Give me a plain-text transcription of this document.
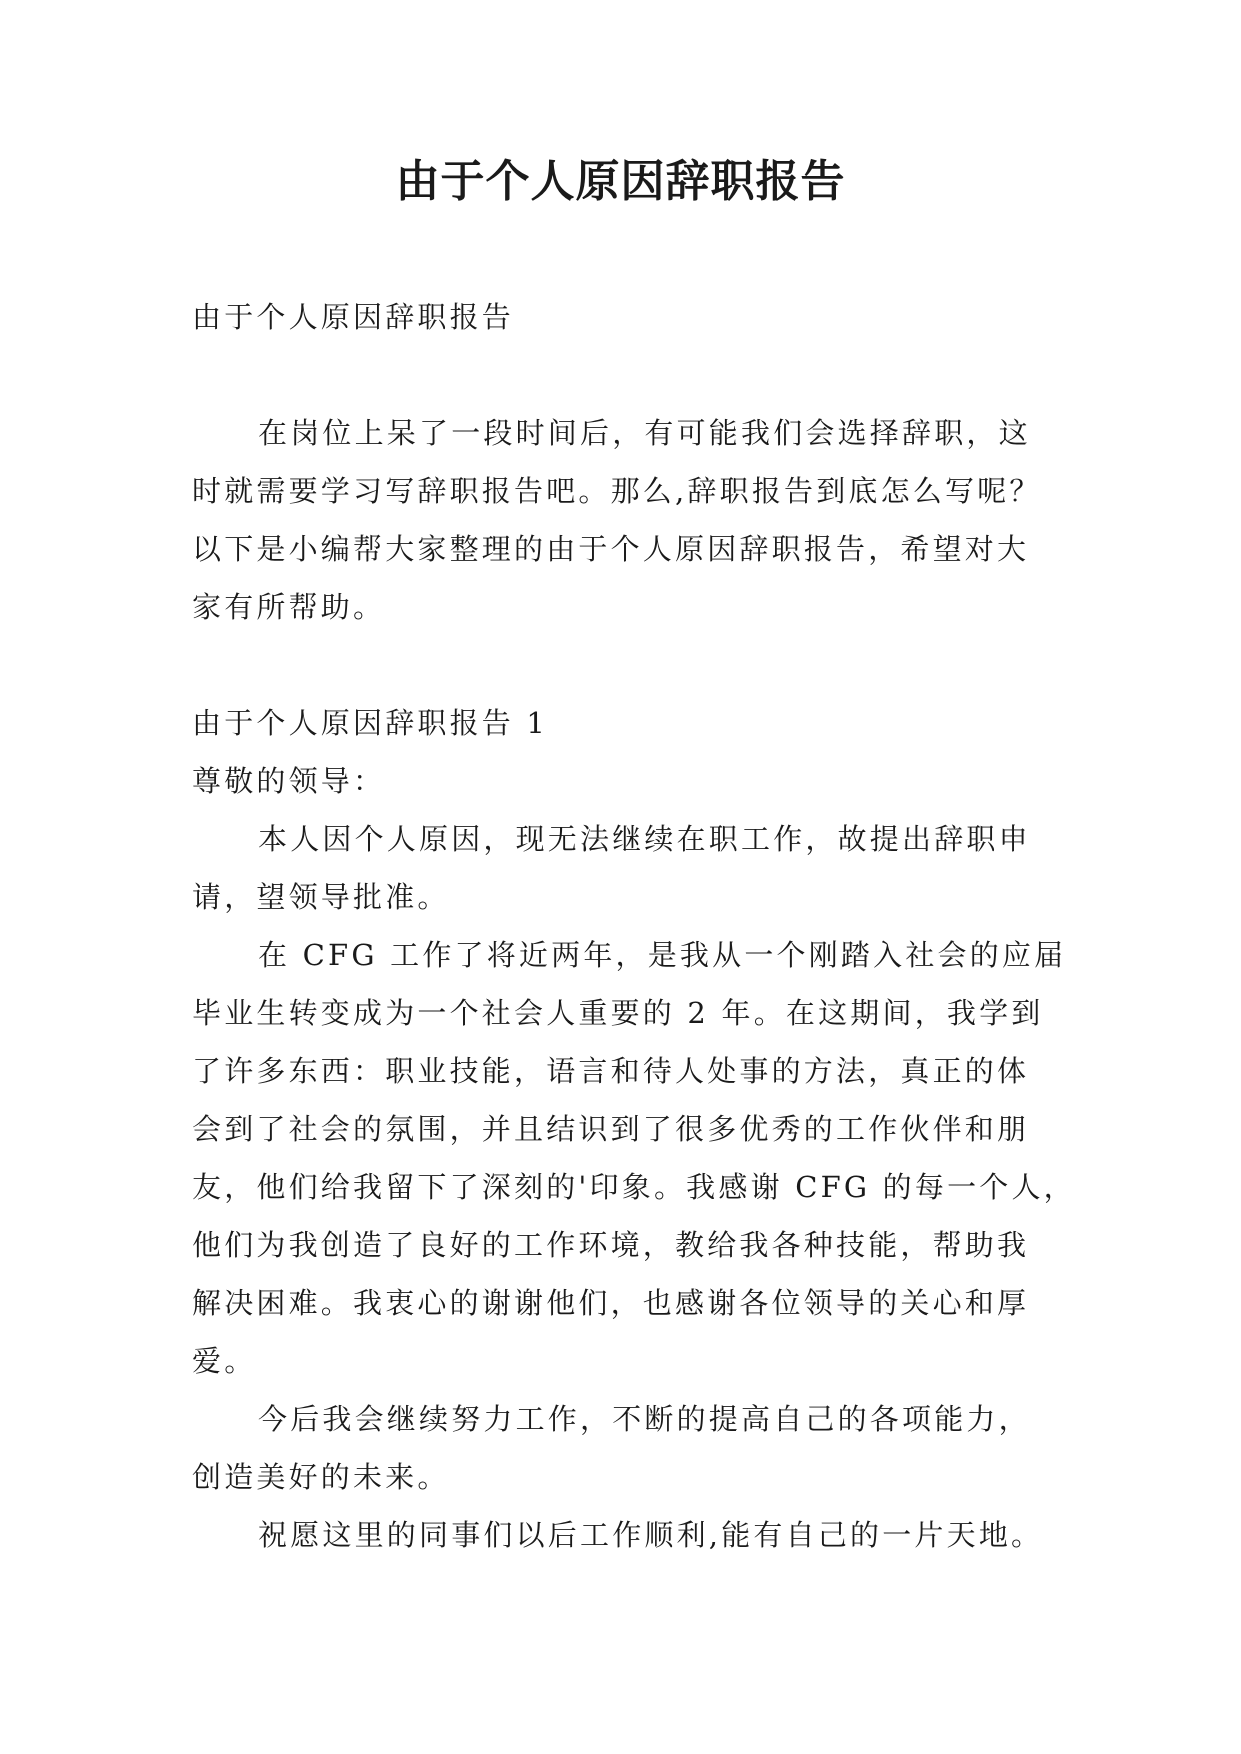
由于个人原因辞职报告
由于个人原因辞职报告
在岗位上呆了一段时间后，有可能我们会选择辞职，这
时就需要学习写辞职报告吧。那么,辞职报告到底怎么写呢？
以下是小编帮大家整理的由于个人原因辞职报告，希望对大
家有所帮助。
由于个人原因辞职报告 1
尊敬的领导：
本人因个人原因，现无法继续在职工作，故提出辞职申
请，望领导批准。
在 CFG 工作了将近两年，是我从一个刚踏入社会的应届
毕业生转变成为一个社会人重要的 2 年。在这期间，我学到
了许多东西：职业技能，语言和待人处事的方法，真正的体
会到了社会的氛围，并且结识到了很多优秀的工作伙伴和朋
友，他们给我留下了深刻的'印象。我感谢 CFG 的每一个人，
他们为我创造了良好的工作环境，教给我各种技能，帮助我
解决困难。我衷心的谢谢他们，也感谢各位领导的关心和厚
爱。
今后我会继续努力工作，不断的提高自己的各项能力，
创造美好的未来。
祝愿这里的同事们以后工作顺利,能有自己的一片天地。
